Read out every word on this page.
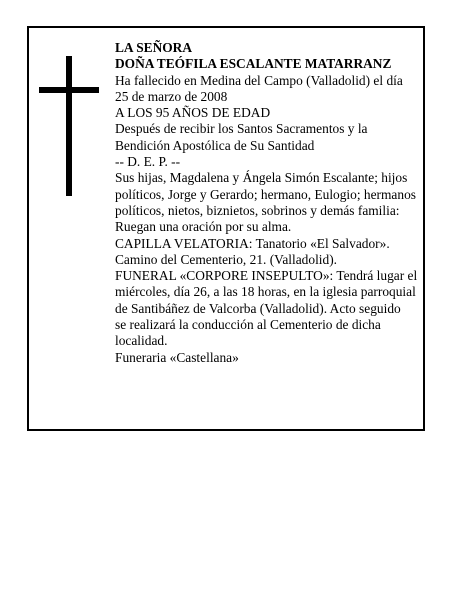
LA SEÑORA

DOÑA TEÓFILA ESCALANTE MATARRANZ

Ha fallecido en Medina del Campo (Valladolid) el día

25 de marzo de 2008

A LOS 95 AÑOS DE EDAD

Después de recibir los Santos Sacramentos y la

Bendición Apostólica de Su Santidad

-- D. E. P. --

Sus hijas, Magdalena y Ángela Simón Escalante; hijos

políticos, Jorge y Gerardo; hermano, Eulogio; hermanos

políticos, nietos, biznietos, sobrinos y demás familia:

Ruegan una oración por su alma.

CAPILLA VELATORIA: Tanatorio «El Salvador».

Camino del Cementerio, 21. (Valladolid).

FUNERAL «CORPORE INSEPULTO»: Tendrá lugar el

miércoles, día 26, a las 18 horas, en la iglesia parroquial

de Santibáñez de Valcorba (Valladolid). Acto seguido

se realizará la conducción al Cementerio de dicha

localidad.

Funeraria «Castellana»
